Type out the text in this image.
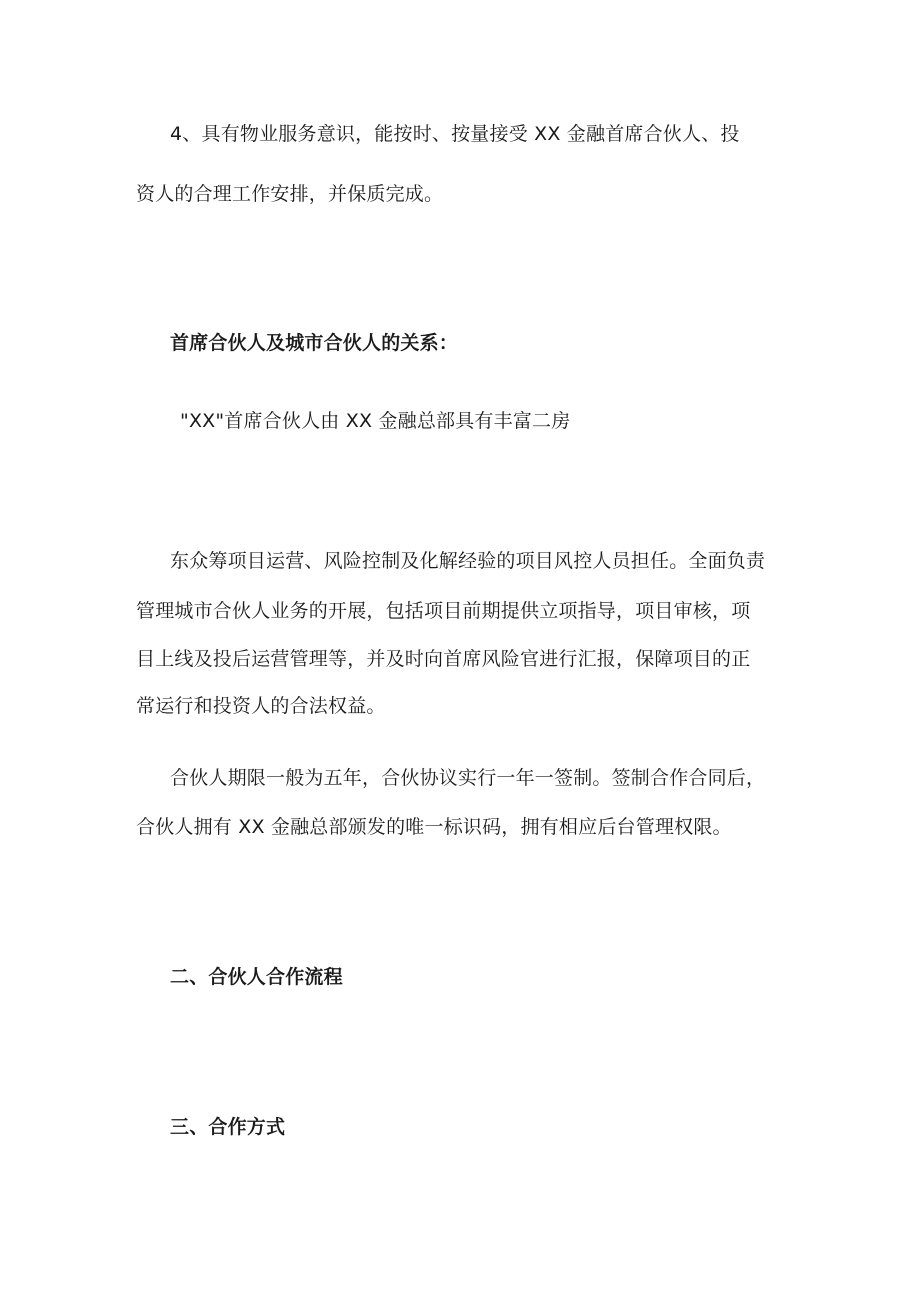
4、具有物业服务意识，能按时、按量接受 XX 金融首席合伙人、投
资人的合理工作安排，并保质完成。
首席合伙人及城市合伙人的关系：
"XX"首席合伙人由 XX 金融总部具有丰富二房
东众筹项目运营、风险控制及化解经验的项目风控人员担任。全面负责
管理城市合伙人业务的开展，包括项目前期提供立项指导，项目审核，项
目上线及投后运营管理等，并及时向首席风险官进行汇报，保障项目的正
常运行和投资人的合法权益。
合伙人期限一般为五年，合伙协议实行一年一签制。签制合作合同后，
合伙人拥有 XX 金融总部颁发的唯一标识码，拥有相应后台管理权限。
二、合伙人合作流程
三、合作方式
